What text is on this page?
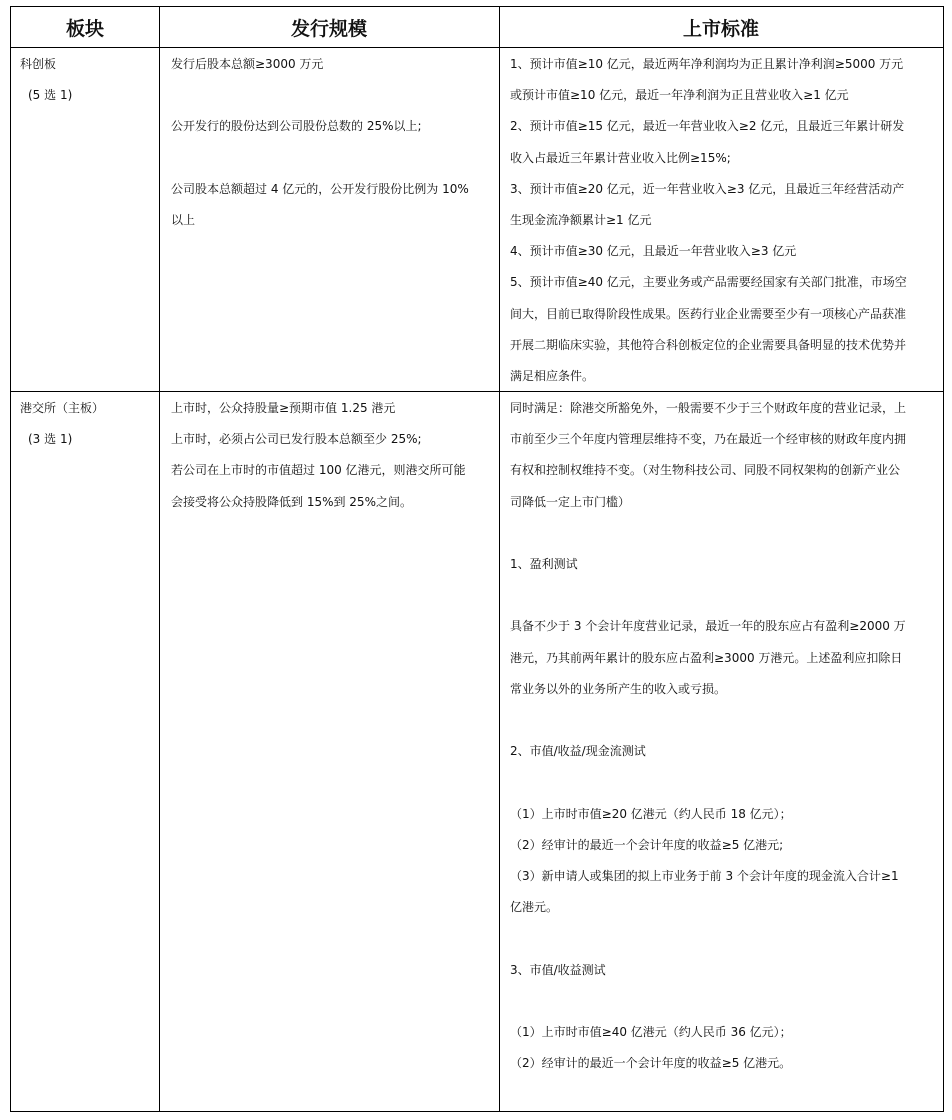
板块	发行规模	上市标准

科创板

(5 选 1)

发行后股本总额≥3000 万元

公开发行的股份达到公司股份总数的 25%以上;

公司股本总额超过 4 亿元的，公开发行股份比例为 10%

以上

1、预计市值≥10 亿元，最近两年净利润均为正且累计净利润≥5000 万元

或预计市值≥10 亿元，最近一年净利润为正且营业收入≥1 亿元

2、预计市值≥15 亿元，最近一年营业收入≥2 亿元，且最近三年累计研发

收入占最近三年累计营业收入比例≥15%;

3、预计市值≥20 亿元，近一年营业收入≥3 亿元，且最近三年经营活动产

生现金流净额累计≥1 亿元

4、预计市值≥30 亿元，且最近一年营业收入≥3 亿元

5、预计市值≥40 亿元，主要业务或产品需要经国家有关部门批准，市场空

间大，目前已取得阶段性成果。医药行业企业需要至少有一项核心产品获准

开展二期临床实验，其他符合科创板定位的企业需要具备明显的技术优势并

满足相应条件。

港交所（主板）

(3 选 1)

上市时，公众持股量≥预期市值 1.25 港元

上市时，必须占公司已发行股本总额至少 25%;

若公司在上市时的市值超过 100 亿港元，则港交所可能

会接受将公众持股降低到 15%到 25%之间。

同时满足：除港交所豁免外，一般需要不少于三个财政年度的营业记录，上

市前至少三个年度内管理层维持不变，乃在最近一个经审核的财政年度内拥

有权和控制权维持不变。（对生物科技公司、同股不同权架构的创新产业公

司降低一定上市门槛）

1、盈利测试

具备不少于 3 个会计年度营业记录，最近一年的股东应占有盈利≥2000 万

港元，乃其前两年累计的股东应占盈利≥3000 万港元。上述盈利应扣除日

常业务以外的业务所产生的收入或亏损。

2、市值/收益/现金流测试

（1）上市时市值≥20 亿港元（约人民币 18 亿元）；

（2）经审计的最近一个会计年度的收益≥5 亿港元;

（3）新申请人或集团的拟上市业务于前 3 个会计年度的现金流入合计≥1

亿港元。

3、市值/收益测试

（1）上市时市值≥40 亿港元（约人民币 36 亿元）；

（2）经审计的最近一个会计年度的收益≥5 亿港元。
